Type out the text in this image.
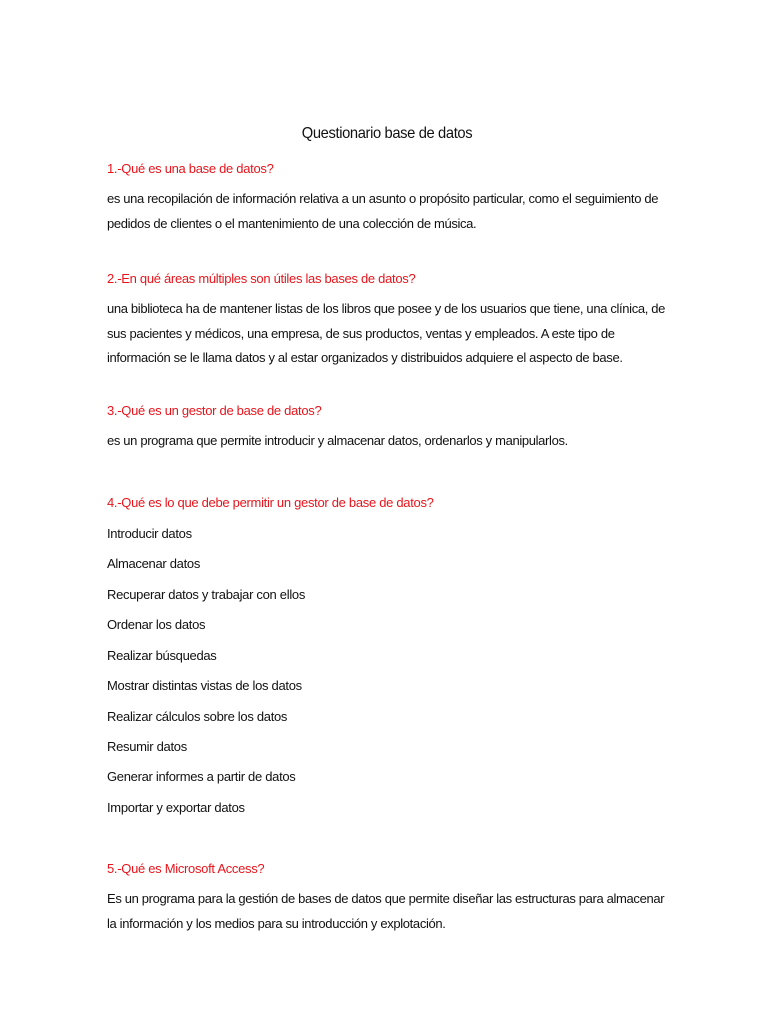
Questionario base de datos

1.-Qué es una base de datos?

es una recopilación de información relativa a un asunto o propósito particular, como el seguimiento de pedidos de clientes o el mantenimiento de una colección de música.

2.-En qué áreas múltiples son útiles las bases de datos?

una biblioteca ha de mantener listas de los libros que posee y de los usuarios que tiene, una clínica, de sus pacientes y médicos, una empresa, de sus productos, ventas y empleados. A este tipo de información se le llama datos y al estar organizados y distribuidos adquiere el aspecto de base.

3.-Qué es un gestor de base de datos?

es un programa que permite introducir y almacenar datos, ordenarlos y manipularlos.

4.-Qué es lo que debe permitir un gestor de base de datos?

Introducir datos

Almacenar datos

Recuperar datos y trabajar con ellos

Ordenar los datos

Realizar búsquedas

Mostrar distintas vistas de los datos

Realizar cálculos sobre los datos

Resumir datos

Generar informes a partir de datos

Importar y exportar datos

5.-Qué es Microsoft Access?

Es un programa para la gestión de bases de datos que permite diseñar las estructuras para almacenar la información y los medios para su introducción y explotación.
